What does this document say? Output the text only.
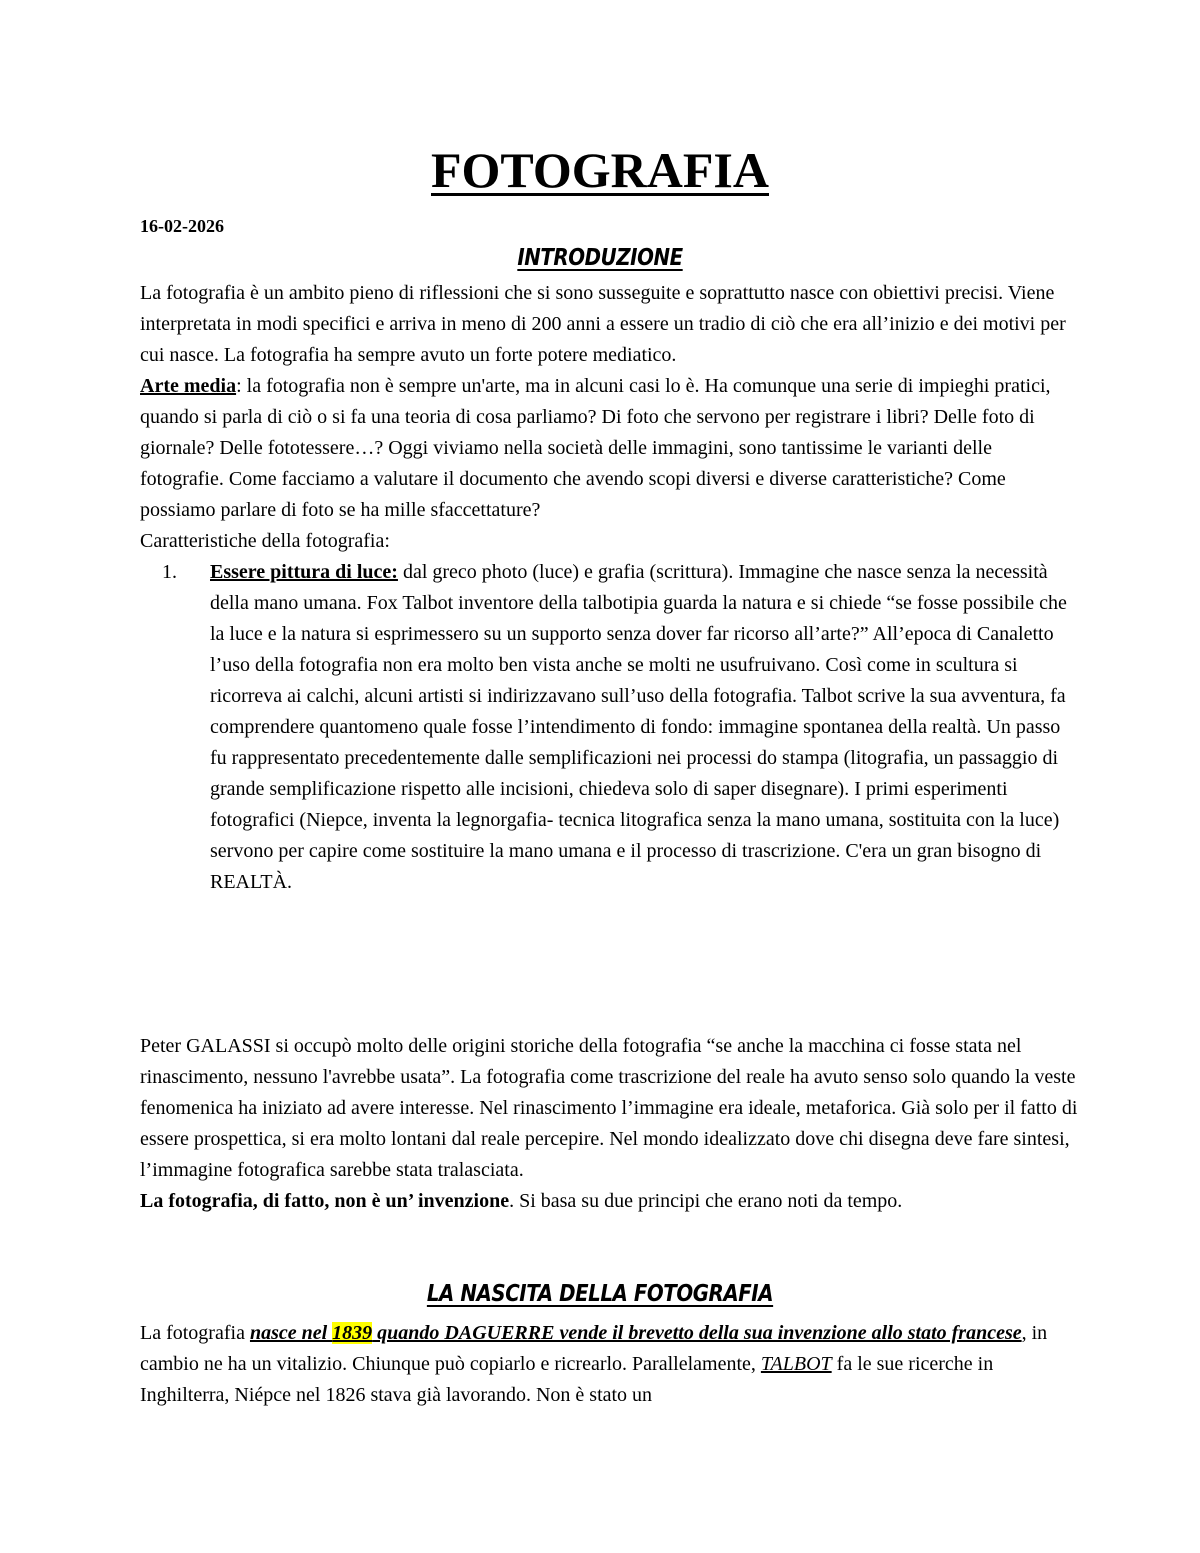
FOTOGRAFIA
16-02-2026
INTRODUZIONE

La fotografia è un ambito pieno di riflessioni che si sono susseguite e soprattutto nasce con obiettivi precisi. Viene interpretata in modi specifici e arriva in meno di 200 anni a essere un tradio di ciò che era all’inizio e dei motivi per cui nasce. La fotografia ha sempre avuto un forte potere mediatico.

Arte media: la fotografia non è sempre un'arte, ma in alcuni casi lo è. Ha comunque una serie di impieghi pratici, quando si parla di ciò o si fa una teoria di cosa parliamo? Di foto che servono per registrare i libri? Delle foto di giornale? Delle fototessere…? Oggi viviamo nella società delle immagini, sono tantissime le varianti delle fotografie. Come facciamo a valutare il documento che avendo scopi diversi e diverse caratteristiche? Come possiamo parlare di foto se ha mille sfaccettature?

Caratteristiche della fotografia:

1. Essere pittura di luce: dal greco photo (luce) e grafia (scrittura). Immagine che nasce senza la necessità della mano umana. Fox Talbot inventore della talbotipia guarda la natura e si chiede “se fosse possibile che la luce e la natura si esprimessero su un supporto senza dover far ricorso all’arte?” All’epoca di Canaletto l’uso della fotografia non era molto ben vista anche se molti ne usufruivano. Così come in scultura si ricorreva ai calchi, alcuni artisti si indirizzavano sull’uso della fotografia. Talbot scrive la sua avventura, fa comprendere quantomeno quale fosse l’intendimento di fondo: immagine spontanea della realtà. Un passo fu rappresentato precedentemente dalle semplificazioni nei processi do stampa (litografia, un passaggio di grande semplificazione rispetto alle incisioni, chiedeva solo di saper disegnare). I primi esperimenti fotografici (Niepce, inventa la legnorgafia- tecnica litografica senza la mano umana, sostituita con la luce) servono per capire come sostituire la mano umana e il processo di trascrizione. C'era un gran bisogno di REALTÀ.

Peter GALASSI si occupò molto delle origini storiche della fotografia “se anche la macchina ci fosse stata nel rinascimento, nessuno l'avrebbe usata”. La fotografia come trascrizione del reale ha avuto senso solo quando la veste fenomenica ha iniziato ad avere interesse. Nel rinascimento l’immagine era ideale, metaforica. Già solo per il fatto di essere prospettica, si era molto lontani dal reale percepire. Nel mondo idealizzato dove chi disegna deve fare sintesi, l’immagine fotografica sarebbe stata tralasciata.

La fotografia, di fatto, non è un’ invenzione. Si basa su due principi che erano noti da tempo.

LA NASCITA DELLA FOTOGRAFIA

La fotografia nasce nel 1839 quando DAGUERRE vende il brevetto della sua invenzione allo stato francese, in cambio ne ha un vitalizio. Chiunque può copiarlo e ricrearlo. Parallelamente, TALBOT fa le sue ricerche in Inghilterra, Niépce nel 1826 stava già lavorando. Non è stato un
